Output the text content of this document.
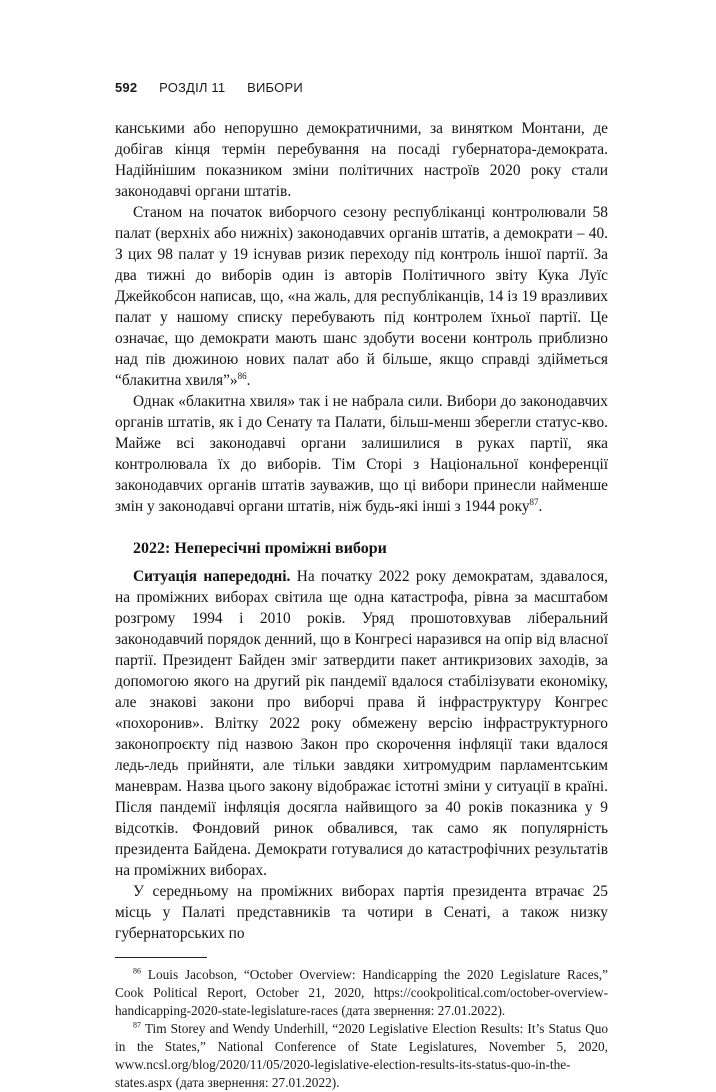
592 РОЗДІЛ 11 ВИБОРИ

канськими або непорушно демократичними, за винятком Монтани, де добігав кінця термін перебування на посаді губернатора-демократа. Надійнішим показником зміни політичних настроїв 2020 року стали законодавчі органи штатів.

Станом на початок виборчого сезону республіканці контролювали 58 палат (верхніх або нижніх) законодавчих органів штатів, а демократи – 40. З цих 98 палат у 19 існував ризик переходу під контроль іншої партії. За два тижні до виборів один із авторів Політичного звіту Кука Луїс Джейкобсон написав, що, «на жаль, для республіканців, 14 із 19 вразливих палат у нашому списку перебувають під контролем їхньої партії. Це означає, що демократи мають шанс здобути восени контроль приблизно над пів дюжиною нових палат або й більше, якщо справді здійметься “блакитна хвиля”»$^{86}$.

Однак «блакитна хвиля» так і не набрала сили. Вибори до законодавчих органів штатів, як і до Сенату та Палати, більш-менш зберегли статус-кво. Майже всі законодавчі органи залишилися в руках партії, яка контролювала їх до виборів. Тім Сторі з Національної конференції законодавчих органів штатів зауважив, що ці вибори принесли найменше змін у законодавчі органи штатів, ніж будь-які інші з 1944 року$^{87}$.

2022: Непересічні проміжні вибори

Ситуація напередодні. На початку 2022 року демократам, здавалося, на проміжних виборах світила ще одна катастрофа, рівна за масштабом розгрому 1994 і 2010 років. Уряд прошотовхував ліберальний законодавчий порядок денний, що в Конгресі наразився на опір від власної партії. Президент Байден зміг затвердити пакет антикризових заходів, за допомогою якого на другий рік пандемії вдалося стабілізувати економіку, але знакові закони про виборчі права й інфраструктуру Конгрес «похоронив». Влітку 2022 року обмежену версію інфраструктурного законопроєкту під назвою Закон про скорочення інфляції таки вдалося ледь-ледь прийняти, але тільки завдяки хитромудрим парламентським маневрам. Назва цього закону відображає істотні зміни у ситуації в країні. Після пандемії інфляція досягла найвищого за 40 років показника у 9 відсотків. Фондовий ринок обвалився, так само як популярність президента Байдена. Демократи готувалися до катастрофічних результатів на проміжних виборах.

У середньому на проміжних виборах партія президента втрачає 25 місць у Палаті представників та чотири в Сенаті, а також низку губернаторських по

$^{86}$ Louis Jacobson, “October Overview: Handicapping the 2020 Legislature Races,” Cook Political Report, October 21, 2020, https://cookpolitical.com/october-overview-handicapping-2020-state-legislature-races (дата звернення: 27.01.2022).

$^{87}$ Tim Storey and Wendy Underhill, “2020 Legislative Election Results: It’s Status Quo in the States,” National Conference of State Legislatures, November 5, 2020, www.ncsl.org/blog/2020/11/05/2020-legislative-election-results-its-status-quo-in-the-states.aspx (дата звернення: 27.01.2022).
